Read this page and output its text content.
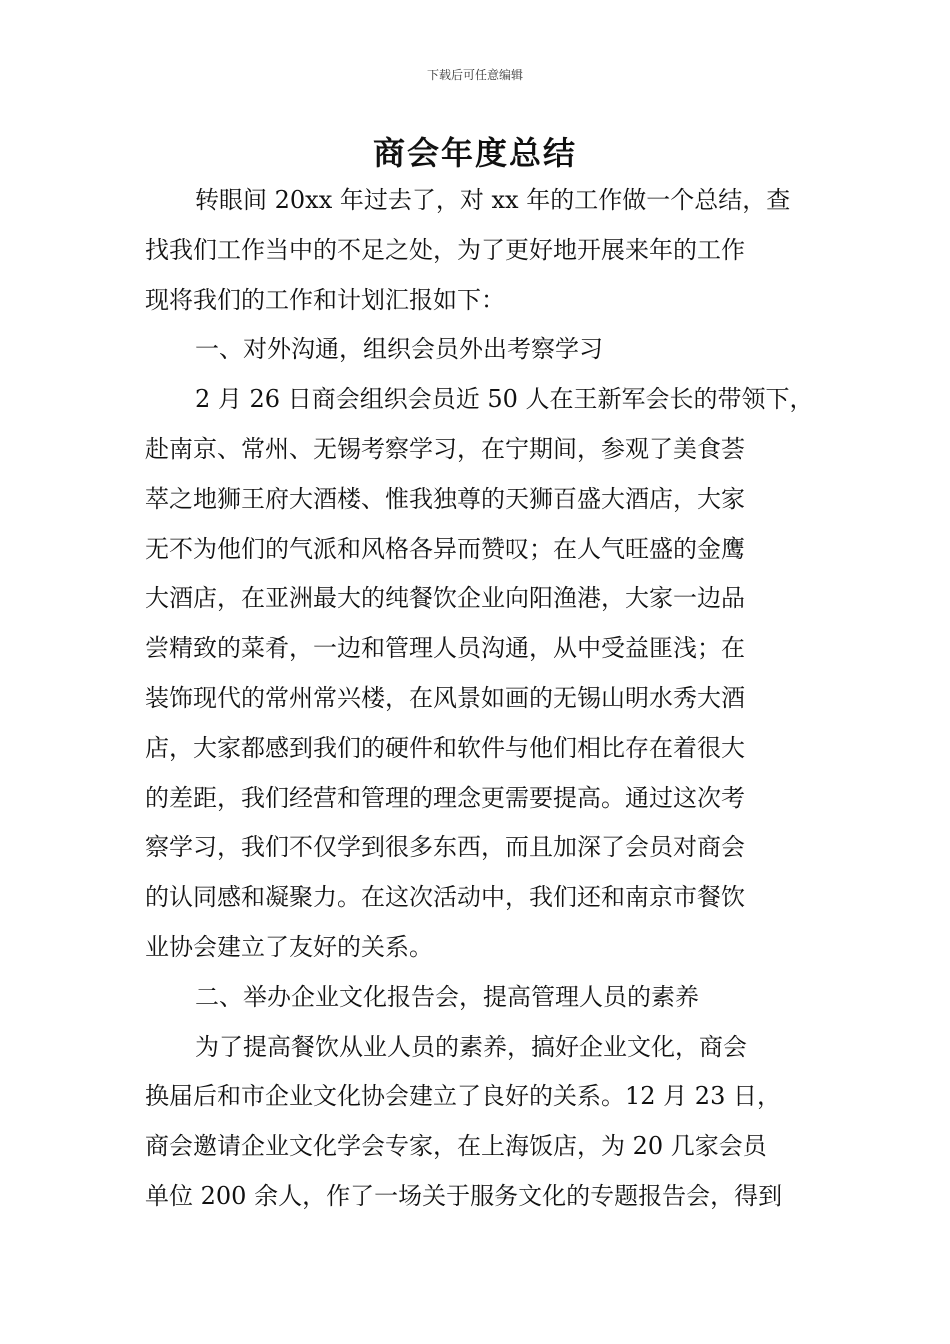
下载后可任意编辑
商会年度总结
转眼间 20xx 年过去了，对 xx 年的工作做一个总结，查
找我们工作当中的不足之处，为了更好地开展来年的工作
现将我们的工作和计划汇报如下：
一、对外沟通，组织会员外出考察学习
2 月 26 日商会组织会员近 50 人在王新军会长的带领下，
赴南京、常州、无锡考察学习，在宁期间，参观了美食荟
萃之地狮王府大酒楼、惟我独尊的天狮百盛大酒店，大家
无不为他们的气派和风格各异而赞叹；在人气旺盛的金鹰
大酒店，在亚洲最大的纯餐饮企业向阳渔港，大家一边品
尝精致的菜肴，一边和管理人员沟通，从中受益匪浅；在
装饰现代的常州常兴楼，在风景如画的无锡山明水秀大酒
店，大家都感到我们的硬件和软件与他们相比存在着很大
的差距，我们经营和管理的理念更需要提高。通过这次考
察学习，我们不仅学到很多东西，而且加深了会员对商会
的认同感和凝聚力。在这次活动中，我们还和南京市餐饮
业协会建立了友好的关系。
二、举办企业文化报告会，提高管理人员的素养
为了提高餐饮从业人员的素养，搞好企业文化，商会
换届后和市企业文化协会建立了良好的关系。12 月 23 日，
商会邀请企业文化学会专家，在上海饭店，为 20 几家会员
单位 200 余人，作了一场关于服务文化的专题报告会，得到
